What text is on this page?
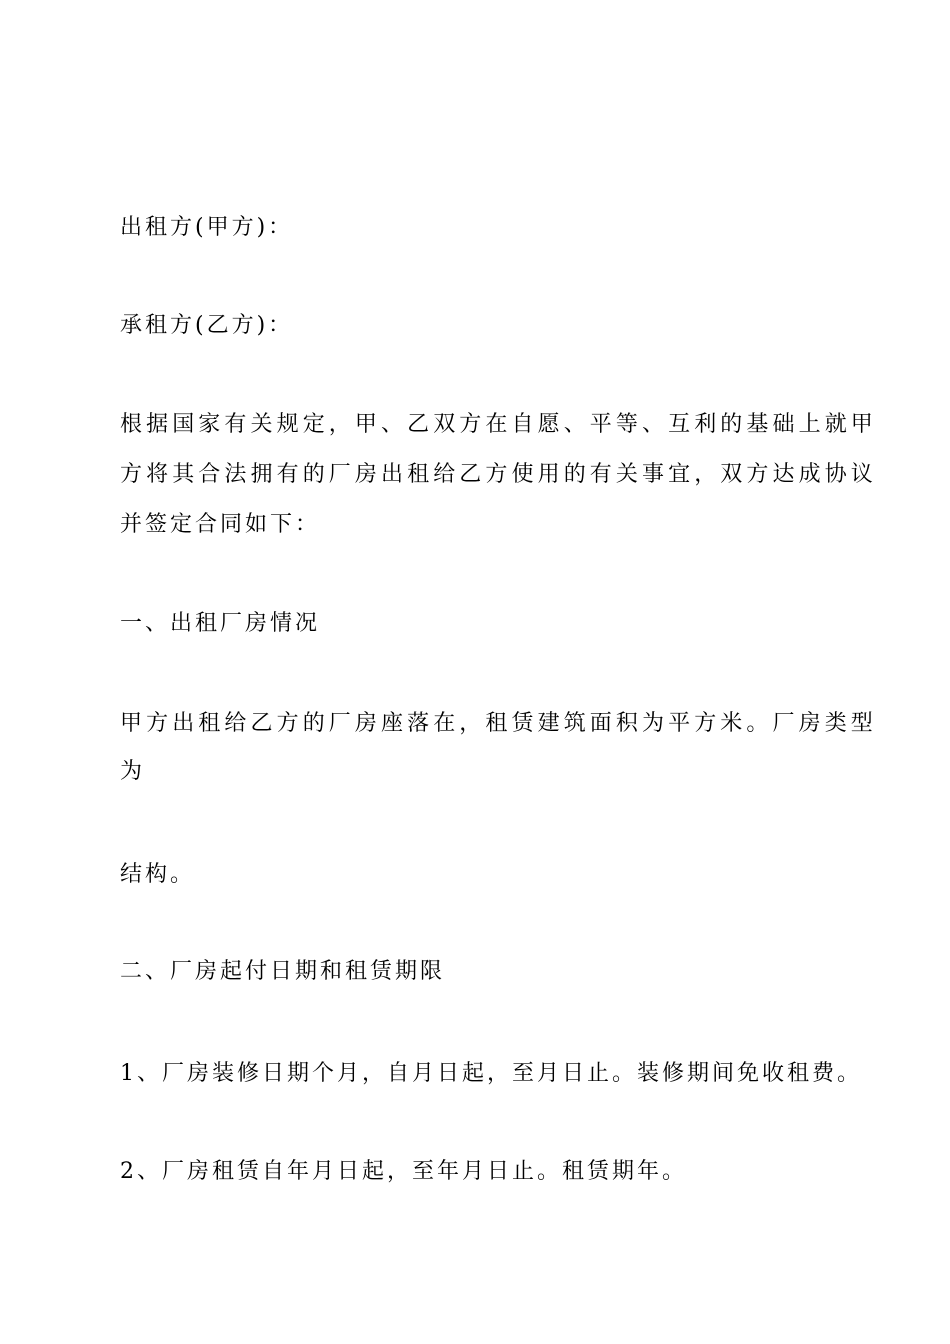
出租方(甲方)：
承租方(乙方)：
根据国家有关规定，甲、乙双方在自愿、平等、互利的基础上就甲
方将其合法拥有的厂房出租给乙方使用的有关事宜，双方达成协议
并签定合同如下：
一、出租厂房情况
甲方出租给乙方的厂房座落在，租赁建筑面积为平方米。厂房类型
为
结构。
二、厂房起付日期和租赁期限
1、厂房装修日期个月，自月日起，至月日止。装修期间免收租费。
2、厂房租赁自年月日起，至年月日止。租赁期年。
